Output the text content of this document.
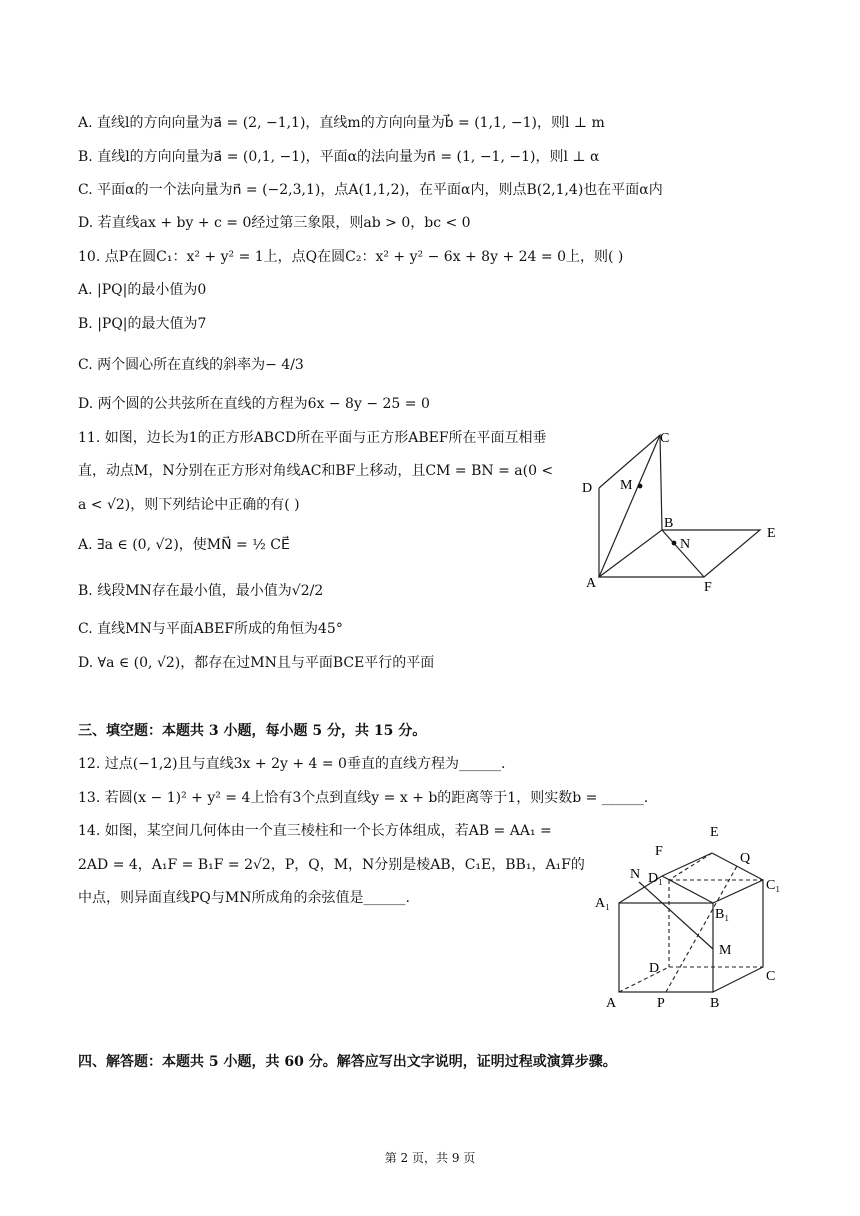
A. 直线l的方向向量为a⃗ = (2, −1,1)，直线m的方向向量为b⃗ = (1,1, −1)，则l ⊥ m
B. 直线l的方向向量为a⃗ = (0,1, −1)，平面α的法向量为n⃗ = (1, −1, −1)，则l ⊥ α
C. 平面α的一个法向量为n⃗ = (−2,3,1)，点A(1,1,2)，在平面α内，则点B(2,1,4)也在平面α内
D. 若直线ax + by + c = 0经过第三象限，则ab > 0，bc < 0
10. 点P在圆C₁：x² + y² = 1上，点Q在圆C₂：x² + y² − 6x + 8y + 24 = 0上，则( )
A. |PQ|的最小值为0
B. |PQ|的最大值为7
C. 两个圆心所在直线的斜率为− 4/3
D. 两个圆的公共弦所在直线的方程为6x − 8y − 25 = 0
11. 如图，边长为1的正方形ABCD所在平面与正方形ABEF所在平面互相垂
直，动点M，N分别在正方形对角线AC和BF上移动，且CM = BN = a(0 <
a < √2)，则下列结论中正确的有( )
A. ∃a ∈ (0, √2)，使MN⃗ = ½ CE⃗
B. 线段MN存在最小值，最小值为√2/2
C. 直线MN与平面ABEF所成的角恒为45°
D. ∀a ∈ (0, √2)，都存在过MN且与平面BCE平行的平面
C
D M
B
E
N
A	F
三、填空题：本题共 3 小题，每小题 5 分，共 15 分。
12. 过点(−1,2)且与直线3x + 2y + 4 = 0垂直的直线方程为______.
13. 若圆(x − 1)² + y² = 4上恰有3个点到直线y = x + b的距离等于1，则实数b = ______.
14. 如图，某空间几何体由一个直三棱柱和一个长方体组成，若AB = AA₁ =
2AD = 4，A₁F = B₁F = 2√2，P，Q，M，N分别是棱AB，C₁E，BB₁，A₁F的
中点，则异面直线PQ与MN所成角的余弦值是______.
E
F	Q
N D₁	C₁
A₁
B₁
M
D
C
A	P	B
四、解答题：本题共 5 小题，共 60 分。解答应写出文字说明，证明过程或演算步骤。
第 2 页，共 9 页
